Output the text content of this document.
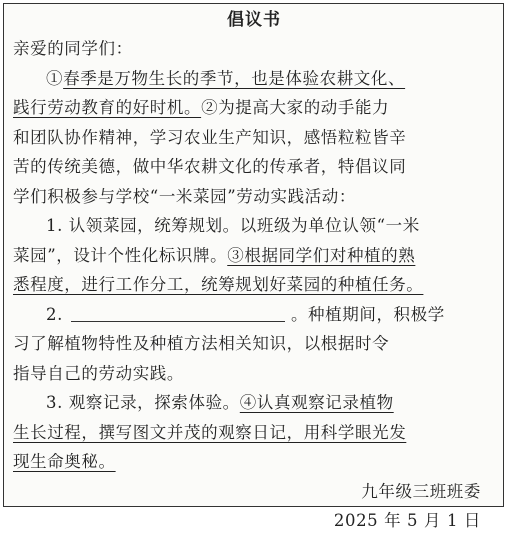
倡议书
亲爱的同学们：
①春季是万物生长的季节，也是体验农耕文化、
践行劳动教育的好时机。②为提高大家的动手能力
和团队协作精神，学习农业生产知识，感悟粒粒皆辛
苦的传统美德，做中华农耕文化的传承者，特倡议同
学们积极参与学校“一米菜园”劳动实践活动：
1. 认领菜园，统筹规划。以班级为单位认领“一米
菜园”，设计个性化标识牌。③根据同学们对种植的熟
悉程度，进行工作分工，统筹规划好菜园的种植任务。
2.	。种植期间，积极学
习了解植物特性及种植方法相关知识，以根据时令
指导自己的劳动实践。
3. 观察记录，探索体验。④认真观察记录植物
生长过程，撰写图文并茂的观察日记，用科学眼光发
现生命奥秘。
九年级三班班委
2025 年 5 月 1 日
